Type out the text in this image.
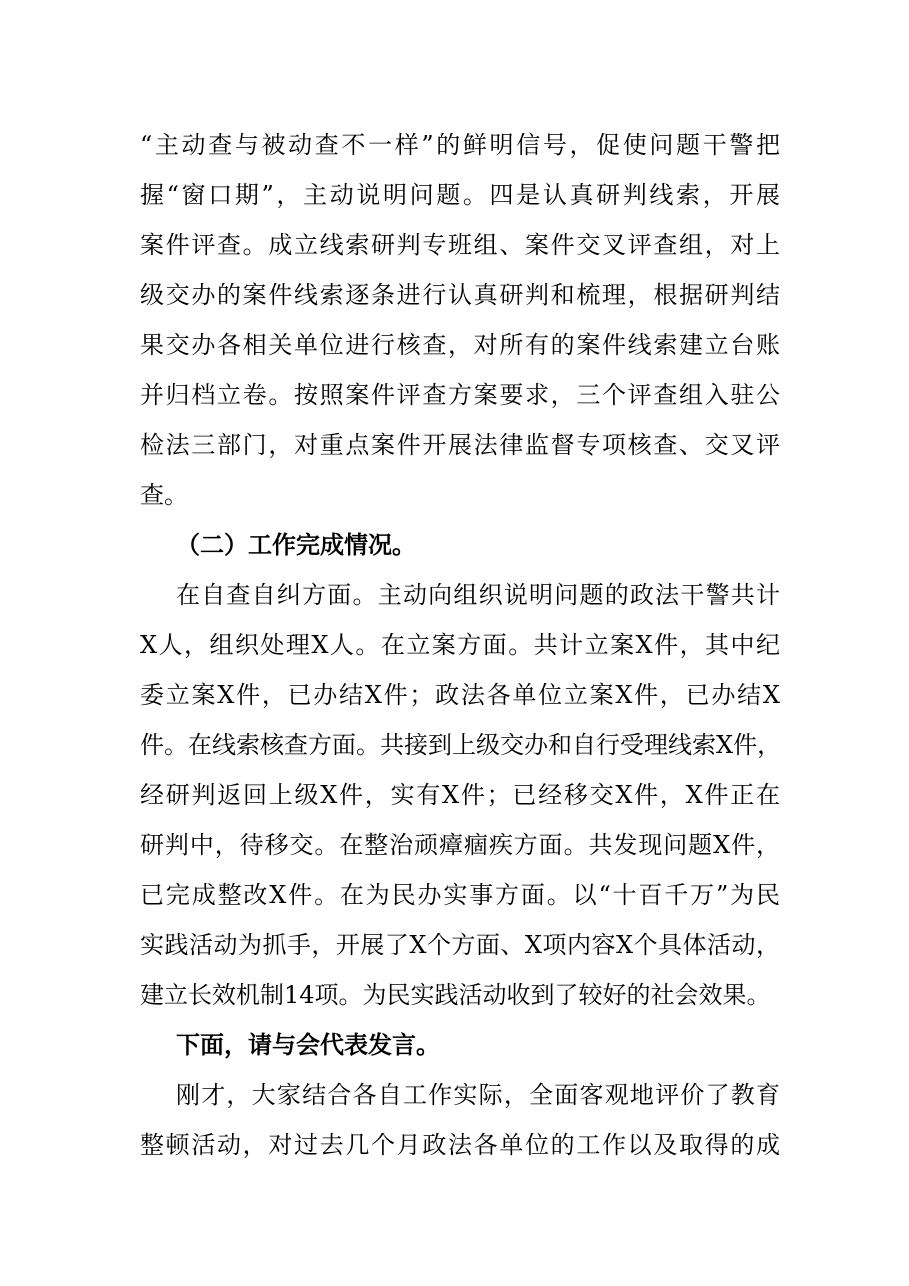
“主动查与被动查不一样”的鲜明信号，促使问题干警把
握“窗口期”，主动说明问题。四是认真研判线索，开展
案件评查。成立线索研判专班组、案件交叉评查组，对上
级交办的案件线索逐条进行认真研判和梳理，根据研判结
果交办各相关单位进行核查，对所有的案件线索建立台账
并归档立卷。按照案件评查方案要求，三个评查组入驻公
检法三部门，对重点案件开展法律监督专项核查、交叉评
查。
（二）工作完成情况。
在自查自纠方面。主动向组织说明问题的政法干警共计
X人，组织处理X人。在立案方面。共计立案X件，其中纪
委立案X件，已办结X件；政法各单位立案X件，已办结X
件。在线索核查方面。共接到上级交办和自行受理线索X件，
经研判返回上级X件，实有X件；已经移交X件，X件正在
研判中，待移交。在整治顽瘴痼疾方面。共发现问题X件，
已完成整改X件。在为民办实事方面。以“十百千万”为民
实践活动为抓手，开展了X个方面、X项内容X个具体活动，
建立长效机制14项。为民实践活动收到了较好的社会效果。
下面，请与会代表发言。
刚才，大家结合各自工作实际，全面客观地评价了教育
整顿活动，对过去几个月政法各单位的工作以及取得的成
